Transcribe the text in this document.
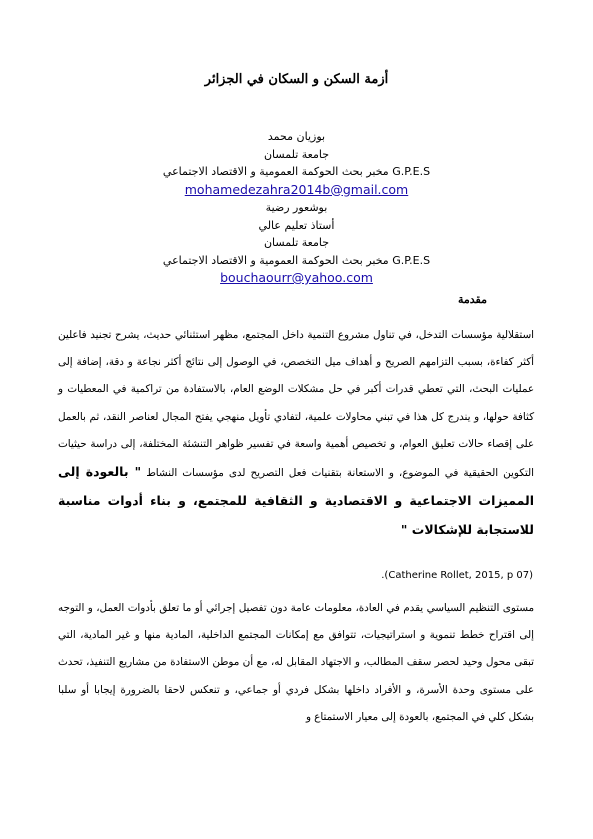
أزمة السكن و السكان في الجزائر
بوزيان محمد
جامعة تلمسان
مخبر بحث الحوكمة العمومية و الاقتصاد الاجتماعي G.P.E.S
mohamedezahra2014b@gmail.com
بوشعور رضية
أستاذ تعليم عالي
جامعة تلمسان
مخبر بحث الحوكمة العمومية و الاقتصاد الاجتماعي G.P.E.S
bouchaourr@yahoo.com
مقدمة

استقلالية مؤسسات التدخل، في تناول مشروع التنمية داخل المجتمع، مظهر استثنائي حديث، يشرح تجنيد فاعلين أكثر كفاءة، بسبب التزامهم الصريح و أهداف ميل التخصص، في الوصول إلى نتائج أكثر نجاعة و دقة، إضافة إلى عمليات البحث، التي تعطي قدرات أكبر في حل مشكلات الوضع العام، بالاستفادة من تراكمية في المعطيات و كثافة حولها، و يندرج كل هذا في تبني محاولات علمية، لتفادي تأويل منهجي يفتح المجال لعناصر النقد، ثم بالعمل على إقصاء حالات تعليق العوام، و تخصيص أهمية واسعة في تفسير ظواهر التنشئة المختلفة، إلى دراسة حيثيات التكوين الحقيقية في الموضوع، و الاستعانة بتقنيات فعل التصريح لدى مؤسسات النشاط " بالعودة إلى المميزات الاجتماعية و الاقتصادية و الثقافية للمجتمع، و بناء أدوات مناسبة للاستجابة للإشكالات "

(Catherine Rollet, 2015, p 07).

مستوى التنظيم السياسي يقدم في العادة، معلومات عامة دون تفصيل إجرائي أو ما تعلق بأدوات العمل، و التوجه إلى اقتراح خطط تنموية و استراتيجيات، تتوافق مع إمكانات المجتمع الداخلية، المادية منها و غير المادية، التي تبقى محول وحيد لحصر سقف المطالب، و الاجتهاد المقابل له، مع أن موطن الاستفادة من مشاريع التنفيذ، تحدث على مستوى وحدة الأسرة، و الأفراد داخلها بشكل فردي أو جماعي، و تنعكس لاحقا بالضرورة إيجابا أو سلبا بشكل كلي في المجتمع، بالعودة إلى معيار الاستمتاع و
